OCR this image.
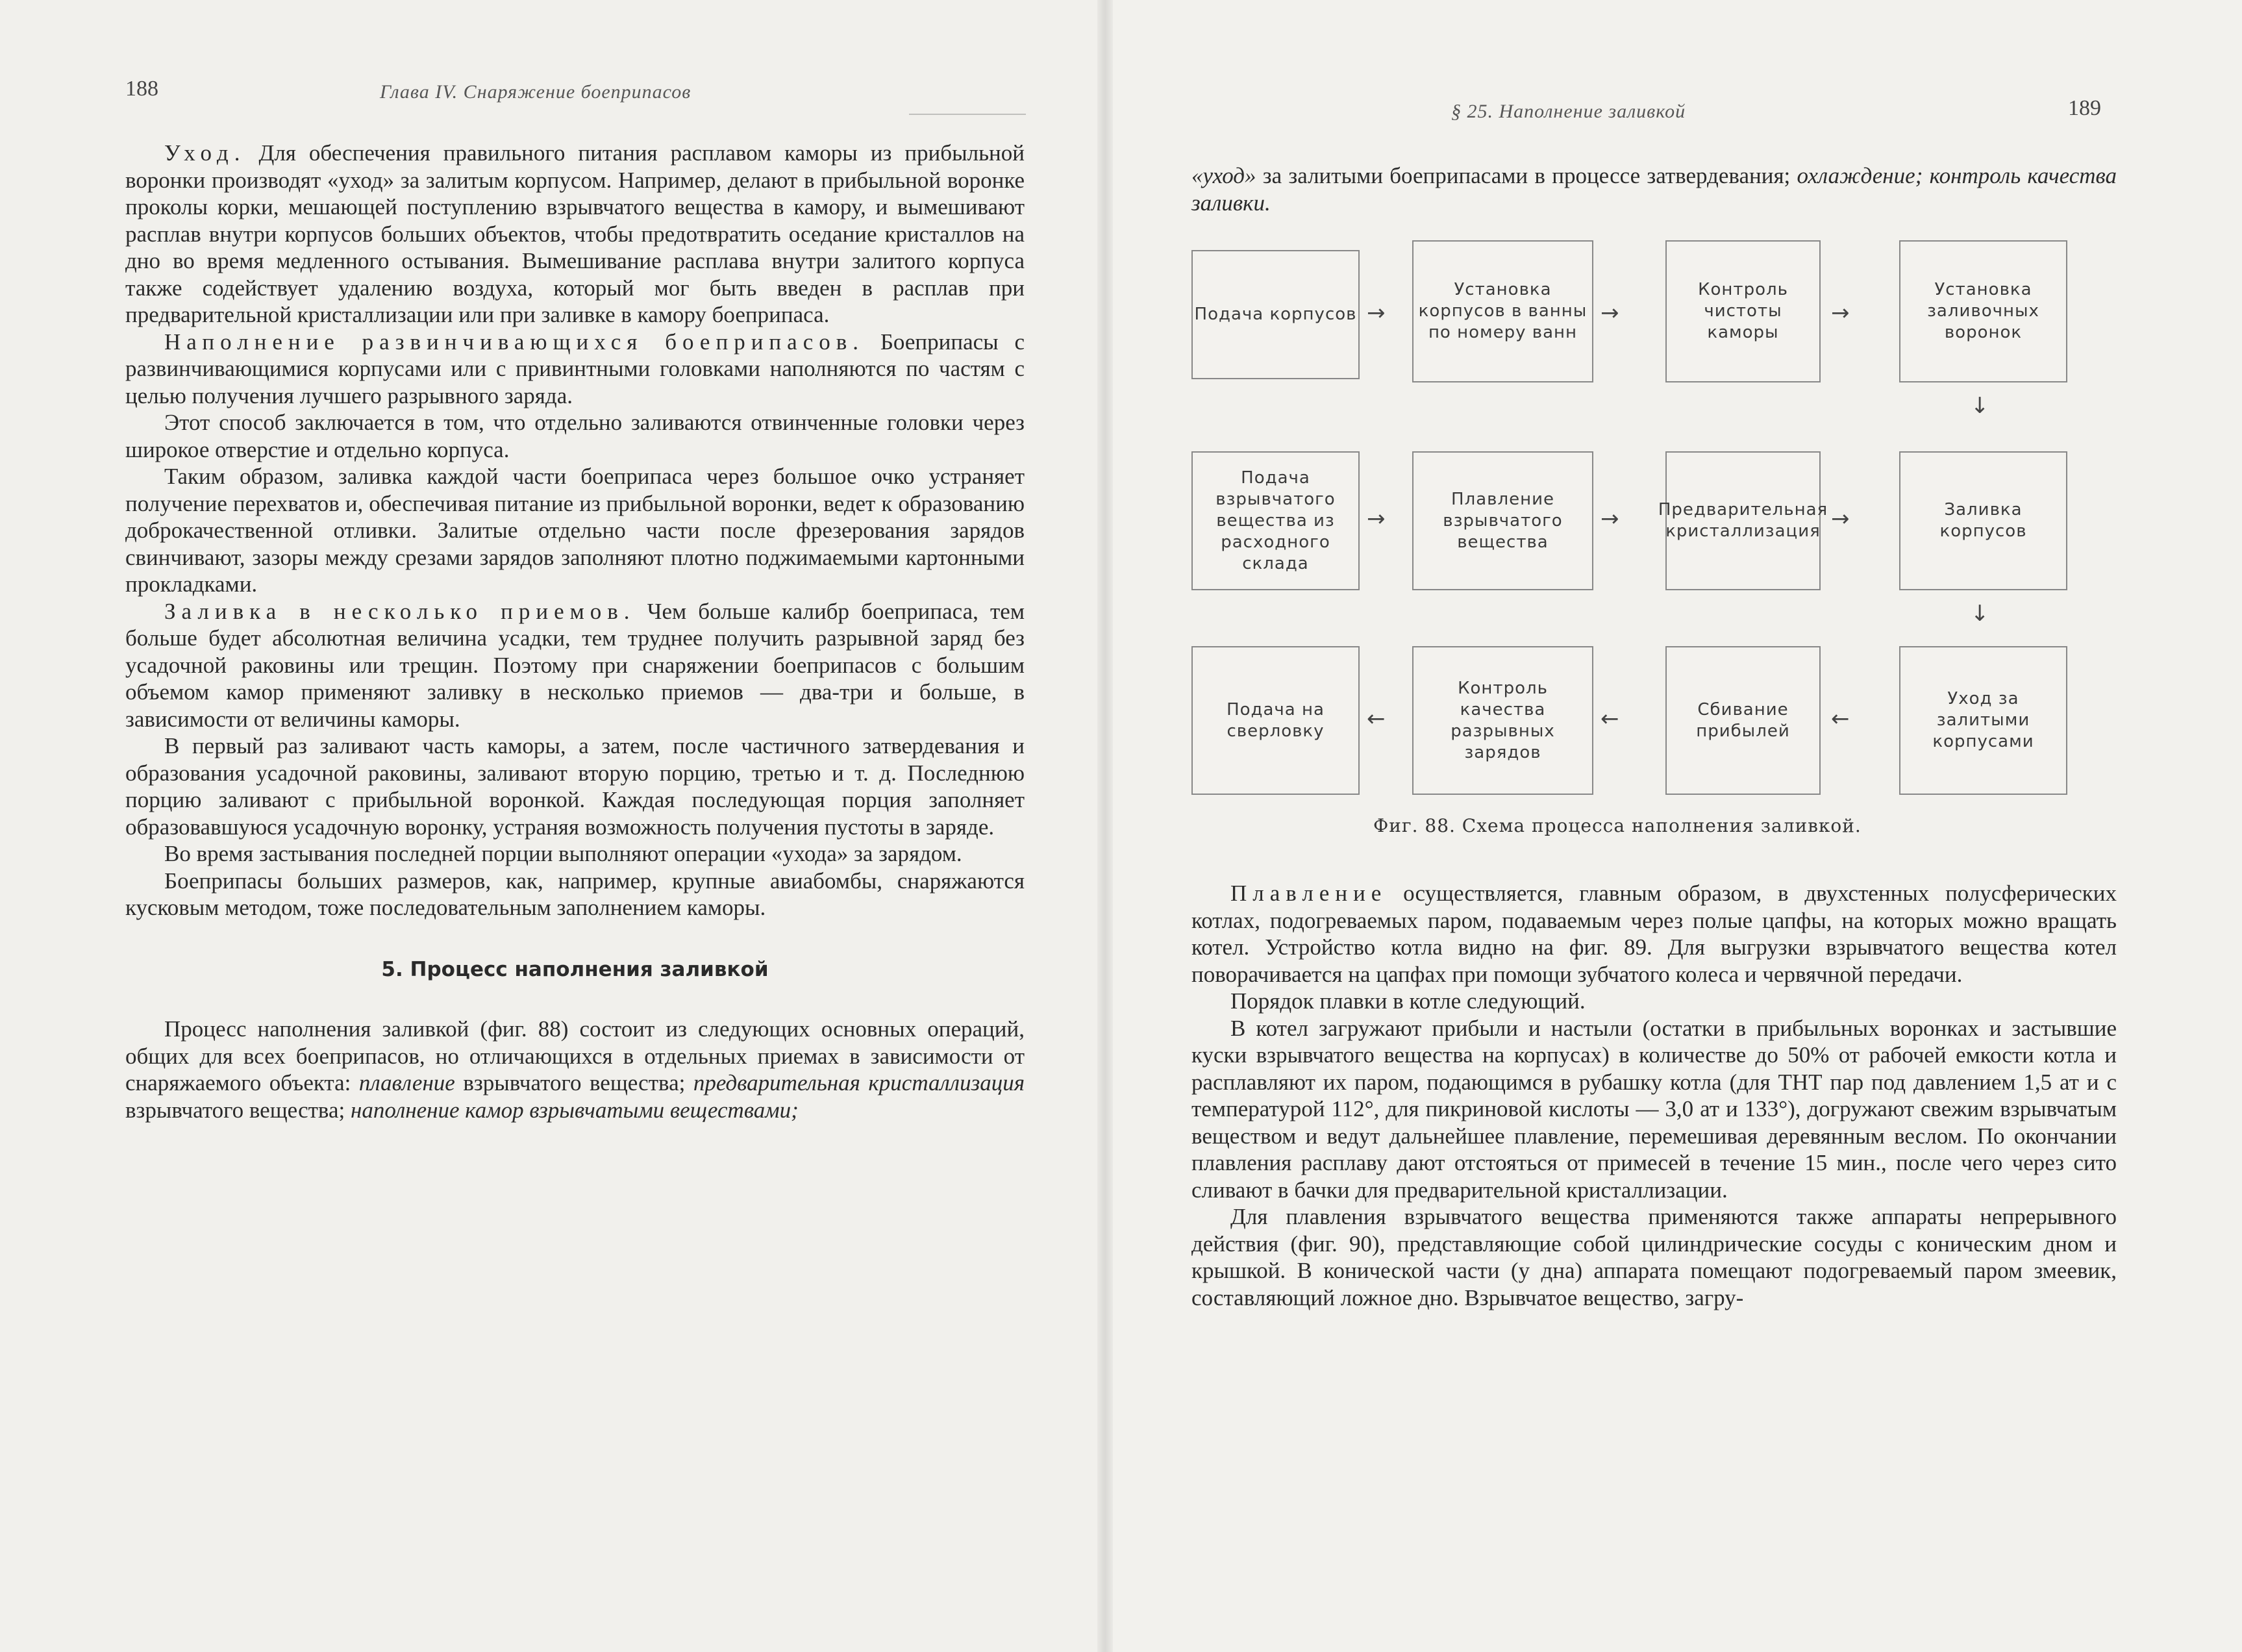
188	Глава IV. Снаряжение боеприпасов

Уход. Для обеспечения правильного питания расплавом каморы из прибыльной воронки производят «уход» за залитым корпусом. Например, делают в прибыльной воронке проколы корки, мешающей поступлению взрывчатого вещества в камору, и вымешивают расплав внутри корпусов больших объектов, чтобы предотвратить оседание кристаллов на дно во время медленного остывания. Вымешивание расплава внутри залитого корпуса также содействует удалению воздуха, который мог быть введен в расплав при предварительной кристаллизации или при заливке в камору боеприпаса.

Наполнение развинчивающихся боеприпасов. Боеприпасы с развинчивающимися корпусами или с привинтными головками наполняются по частям с целью получения лучшего разрывного заряда.

Этот способ заключается в том, что отдельно заливаются отвинченные головки через широкое отверстие и отдельно корпуса.

Таким образом, заливка каждой части боеприпаса через большое очко устраняет получение перехватов и, обеспечивая питание из прибыльной воронки, ведет к образованию доброкачественной отливки. Залитые отдельно части после фрезерования зарядов свинчивают, зазоры между срезами зарядов заполняют плотно поджимаемыми картонными прокладками.

Заливка в несколько приемов. Чем больше калибр боеприпаса, тем больше будет абсолютная величина усадки, тем труднее получить разрывной заряд без усадочной раковины или трещин. Поэтому при снаряжении боеприпасов с большим объемом камор применяют заливку в несколько приемов — два-три и больше, в зависимости от величины каморы.

В первый раз заливают часть каморы, а затем, после частичного затвердевания и образования усадочной раковины, заливают вторую порцию, третью и т. д. Последнюю порцию заливают с прибыльной воронкой. Каждая последующая порция заполняет образовавшуюся усадочную воронку, устраняя возможность получения пустоты в заряде.

Во время застывания последней порции выполняют операции «ухода» за зарядом.

Боеприпасы больших размеров, как, например, крупные авиабомбы, снаряжаются кусковым методом, тоже последовательным заполнением каморы.

5. Процесс наполнения заливкой

Процесс наполнения заливкой (фиг. 88) состоит из следующих основных операций, общих для всех боеприпасов, но отличающихся в отдельных приемах в зависимости от снаряжаемого объекта: плавление взрывчатого вещества; предварительная кристаллизация взрывчатого вещества; наполнение камор взрывчатыми веществами;

§ 25. Наполнение заливкой	189

«уход» за залитыми боеприпасами в процессе затвердевания; охлаждение; контроль качества заливки.

Плавление осуществляется, главным образом, в двухстенных полусферических котлах, подогреваемых паром, подаваемым через полые цапфы, на которых можно вращать котел. Устройство котла видно на фиг. 89. Для выгрузки взрывчатого вещества котел поворачивается на цапфах при помощи зубчатого колеса и червячной передачи.

Порядок плавки в котле следующий.

В котел загружают прибыли и настыли (остатки в прибыльных воронках и застывшие куски взрывчатого вещества на корпусах) в количестве до 50% от рабочей емкости котла и расплавляют их паром, подающимся в рубашку котла (для ТНТ пар под давлением 1,5 ат и с температурой 112°, для пикриновой кислоты — 3,0 ат и 133°), догружают свежим взрывчатым веществом и ведут дальнейшее плавление, перемешивая деревянным веслом. По окончании плавления расплаву дают отстояться от примесей в течение 15 мин., после чего через сито сливают в бачки для предварительной кристаллизации.

Для плавления взрывчатого вещества применяются также аппараты непрерывного действия (фиг. 90), представляющие собой цилиндрические сосуды с коническим дном и крышкой. В конической части (у дна) аппарата помещают подогреваемый паром змеевик, составляющий ложное дно. Взрывчатое вещество, загру-

Подача корпусов →
Установка корпусов в ванны по номеру ванн
→
Контроль чистоты каморы
→
Установка заливочных воронок
↓
Подача взрывчатого вещества из расходного склада
→
Плавление взрывчатого вещества
→ Предварительная кристаллизация →	Заливка корпусов
↓
Подача на сверловку	←
Контроль качества разрывных зарядов
←	Сбивание прибылей	←
Уход за залитыми корпусами
Фиг. 88. Схема процесса наполнения заливкой.
